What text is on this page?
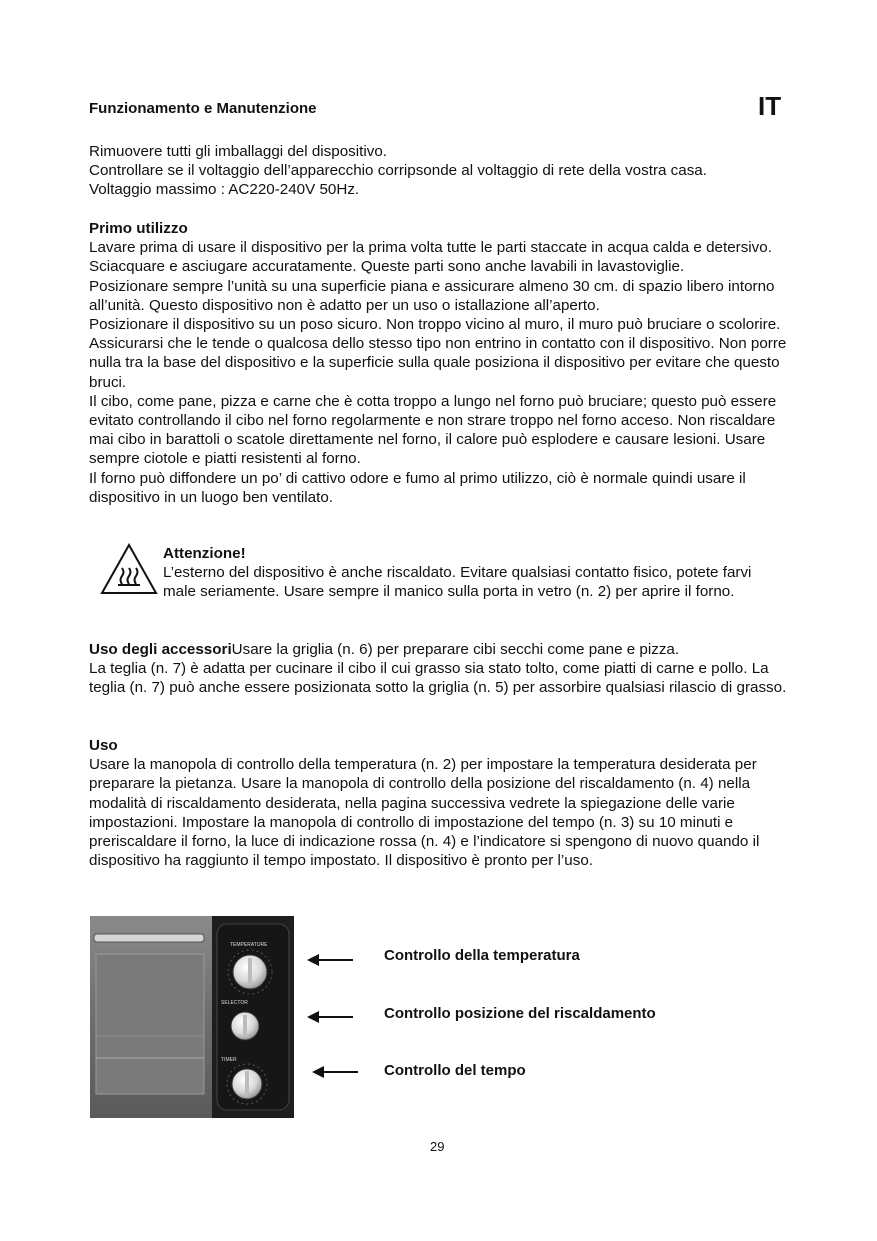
Funzionamento e Manutenzione	IT
Rimuovere tutti gli imballaggi del dispositivo.
Controllare se il voltaggio dell’apparecchio corripsonde al voltaggio di rete della vostra casa.
Voltaggio massimo : AC220-240V 50Hz.
Primo utilizzo
Lavare prima di usare il dispositivo per la prima volta tutte le parti staccate in acqua calda e detersivo. Sciacquare e asciugare accuratamente. Queste parti sono anche lavabili in lavastoviglie.
Posizionare sempre l’unità su una superficie piana e assicurare almeno 30 cm. di spazio libero intorno all’unità. Questo dispositivo non è adatto per un uso o istallazione all’aperto.
Posizionare il dispositivo su un poso sicuro. Non troppo vicino al muro, il muro può bruciare o scolorire. Assicurarsi che le tende o qualcosa dello stesso tipo non entrino in contatto con il dispositivo. Non porre nulla tra la base del dispositivo e la superficie sulla quale posiziona il dispositivo per evitare che questo bruci.
Il cibo, come pane, pizza e carne che è cotta troppo a lungo nel forno può bruciare; questo può essere evitato controllando il cibo nel forno regolarmente e non strare troppo nel forno acceso. Non riscaldare mai cibo in barattoli o scatole direttamente nel forno, il calore può esplodere e causare lesioni. Usare sempre ciotole e piatti resistenti al forno.
Il forno può diffondere un po’ di cattivo odore e fumo al primo utilizzo, ciò è normale quindi usare il dispositivo in un luogo ben ventilato.
Attenzione!
L’esterno del dispositivo è anche riscaldato. Evitare qualsiasi contatto fisico, potete farvi male seriamente. Usare sempre il manico sulla porta in vetro (n. 2) per aprire il forno.
Uso degli accessoriUsare la griglia (n. 6) per preparare cibi secchi come pane e pizza.
La teglia (n. 7) è adatta per cucinare il cibo il cui grasso sia stato tolto, come piatti di carne e pollo. La teglia (n. 7) può anche essere posizionata sotto la griglia (n. 5) per assorbire qualsiasi rilascio di grasso.
Uso
Usare la manopola di controllo della temperatura (n. 2) per impostare la temperatura desiderata per preparare la pietanza. Usare la manopola di controllo della posizione del riscaldamento (n. 4) nella modalità di riscaldamento desiderata, nella pagina successiva vedrete la spiegazione delle varie impostazioni. Impostare la manopola di controllo di impostazione del tempo (n. 3) su 10 minuti e preriscaldare il forno, la luce di indicazione rossa (n. 4) e l’indicatore si spengono di nuovo quando il dispositivo ha raggiunto il tempo impostato. Il dispositivo è pronto per l’uso.
TEMPERATURE
SELECTOR
TIMER
Controllo della temperatura
Controllo posizione del riscaldamento
Controllo del tempo
29
